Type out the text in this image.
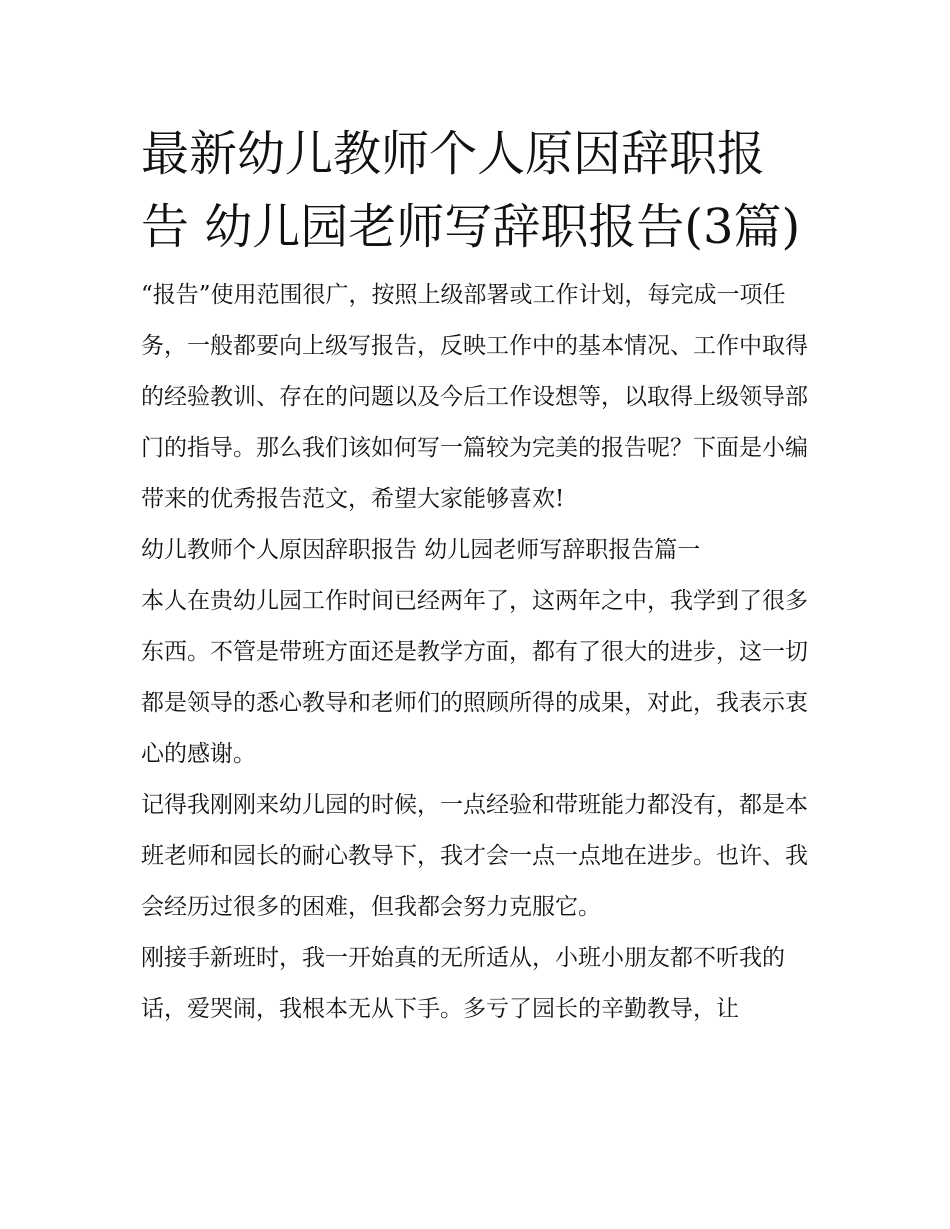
最新幼儿教师个人原因辞职报告 幼儿园老师写辞职报告(3篇)

“报告”使用范围很广，按照上级部署或工作计划，每完成一项任务，一般都要向上级写报告，反映工作中的基本情况、工作中取得的经验教训、存在的问题以及今后工作设想等，以取得上级领导部门的指导。那么我们该如何写一篇较为完美的报告呢？下面是小编带来的优秀报告范文，希望大家能够喜欢!

幼儿教师个人原因辞职报告 幼儿园老师写辞职报告篇一

本人在贵幼儿园工作时间已经两年了，这两年之中，我学到了很多东西。不管是带班方面还是教学方面，都有了很大的进步，这一切都是领导的悉心教导和老师们的照顾所得的成果，对此，我表示衷心的感谢。

记得我刚刚来幼儿园的时候，一点经验和带班能力都没有，都是本班老师和园长的耐心教导下，我才会一点一点地在进步。也许、我会经历过很多的困难，但我都会努力克服它。

刚接手新班时，我一开始真的无所适从，小班小朋友都不听我的话，爱哭闹，我根本无从下手。多亏了园长的辛勤教导，让
